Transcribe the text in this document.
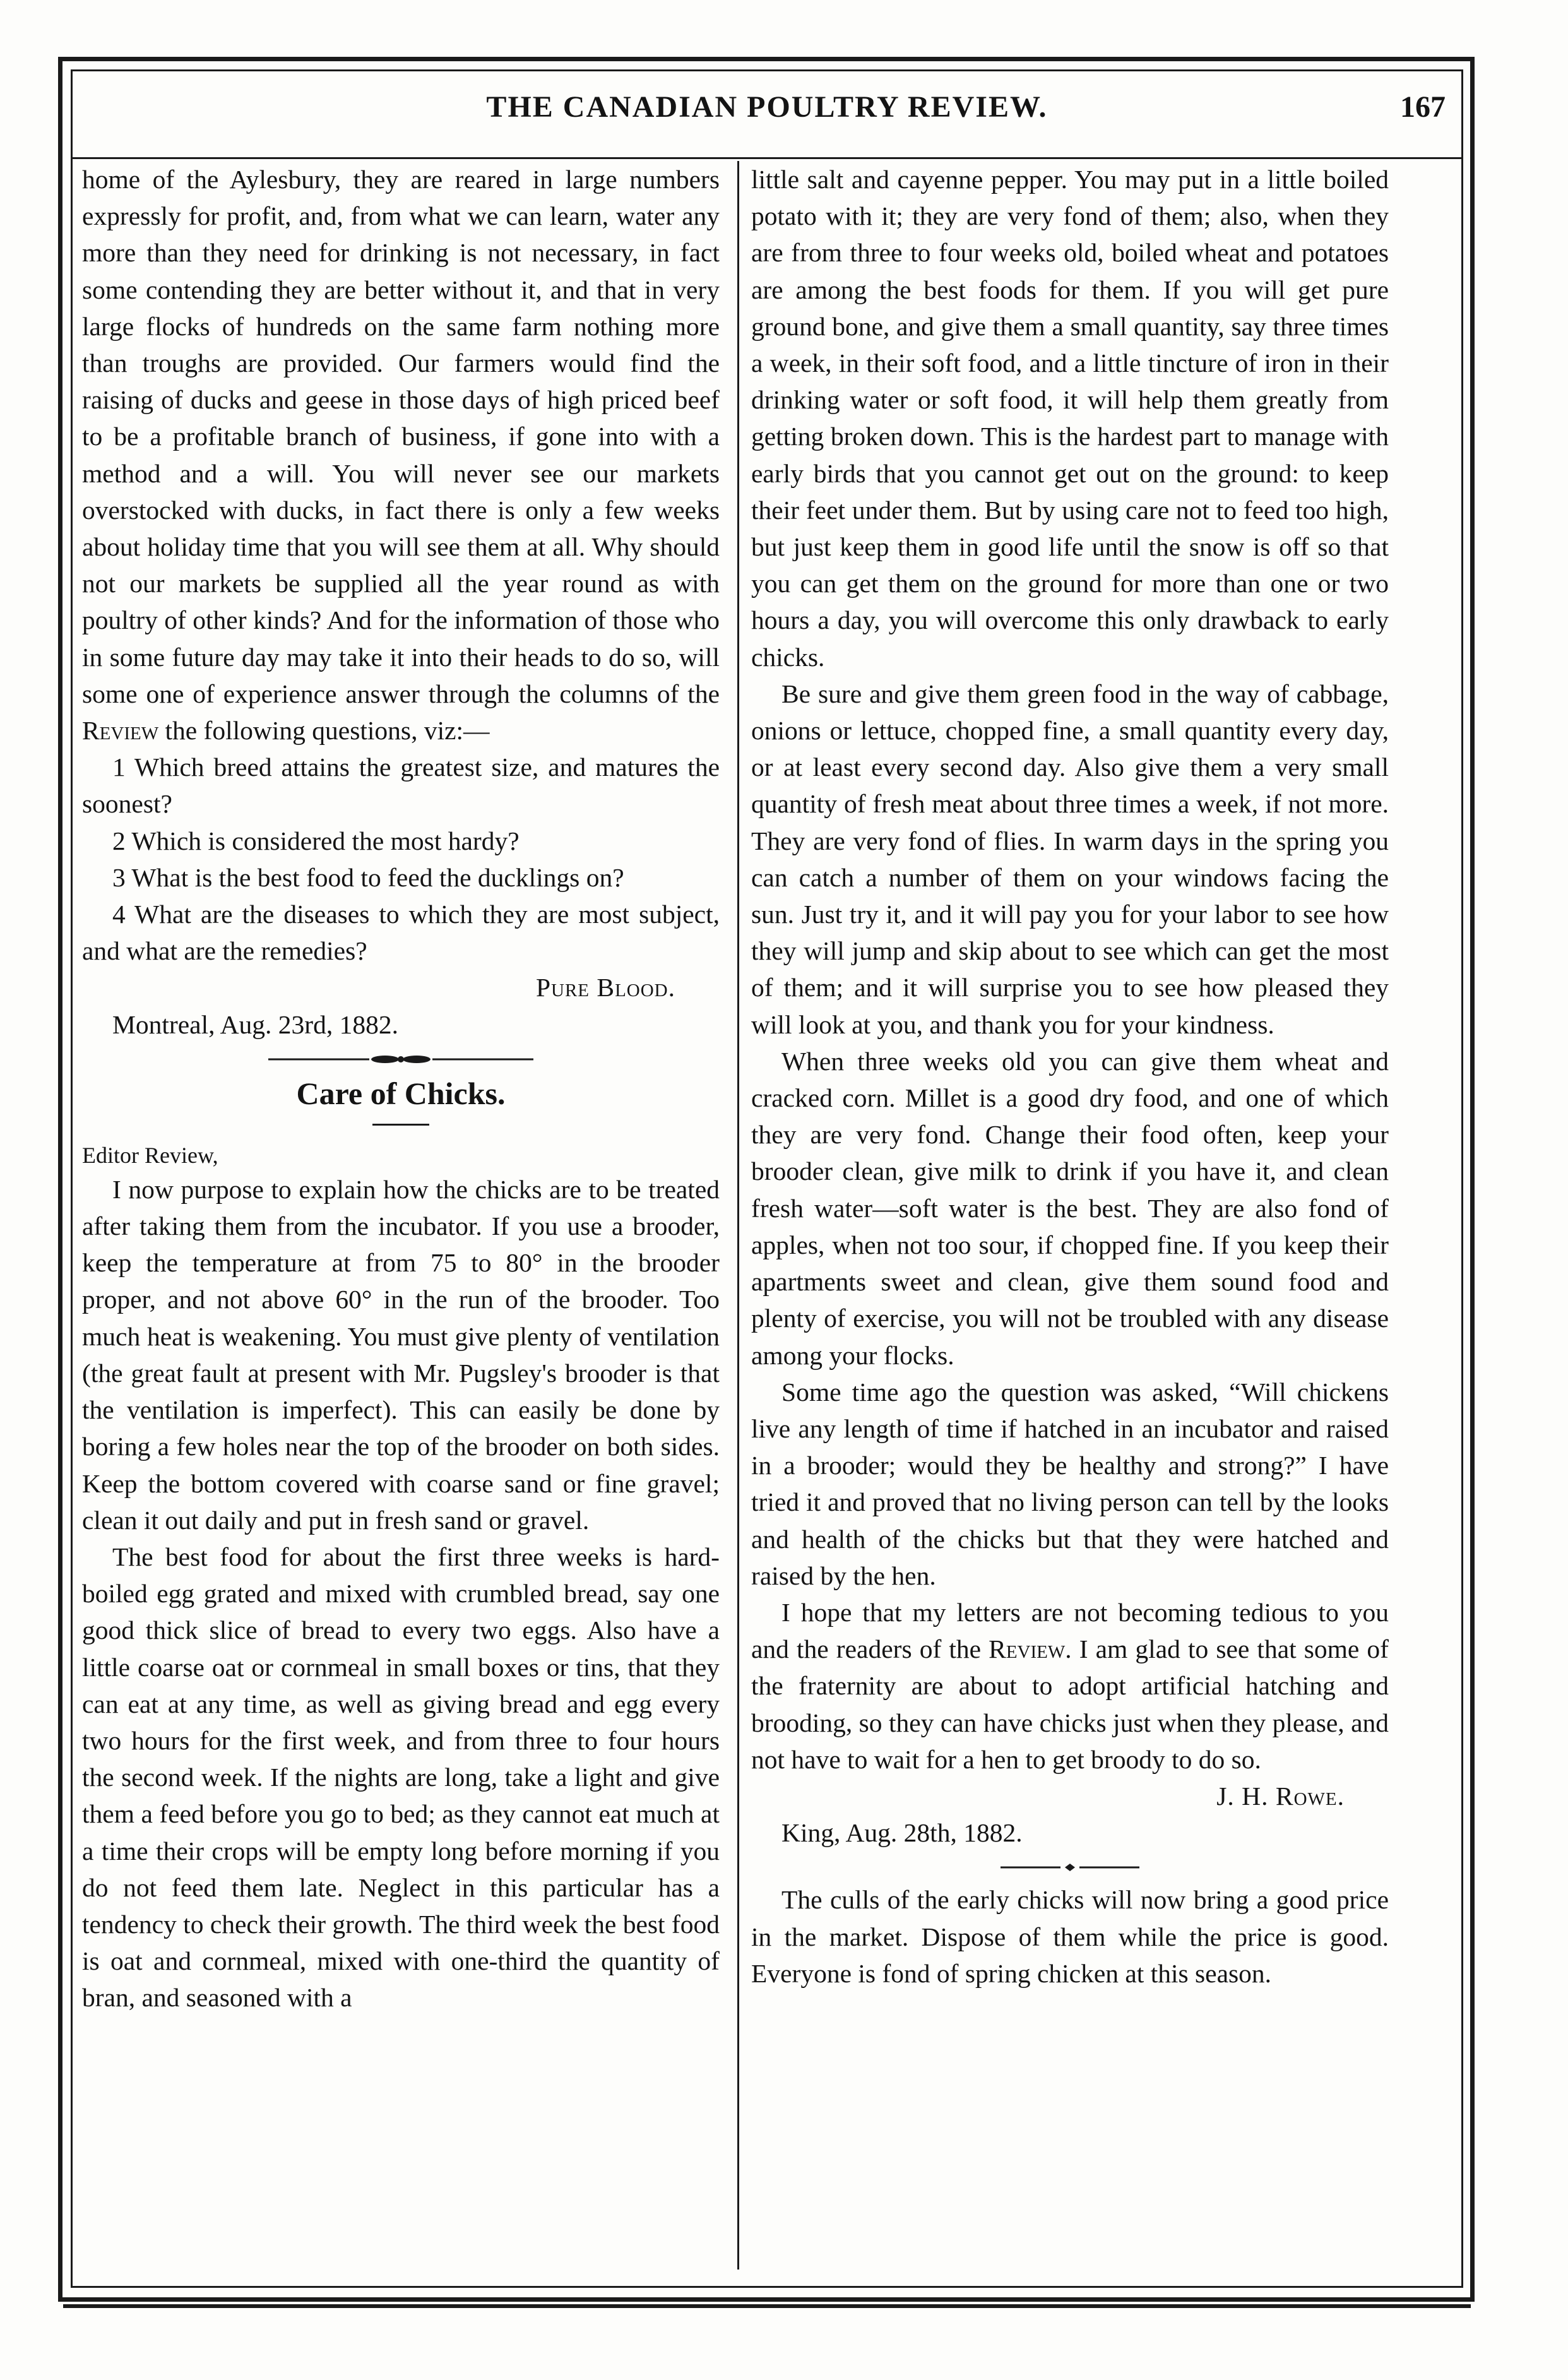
THE CANADIAN POULTRY REVIEW.	167

home of the Aylesbury, they are reared in large numbers expressly for profit, and, from what we can learn, water any more than they need for drinking is not necessary, in fact some contending they are better without it, and that in very large flocks of hundreds on the same farm nothing more than troughs are provided. Our farmers would find the raising of ducks and geese in those days of high priced beef to be a profitable branch of business, if gone into with a method and a will. You will never see our markets overstocked with ducks, in fact there is only a few weeks about holiday time that you will see them at all. Why should not our markets be supplied all the year round as with poultry of other kinds? And for the information of those who in some future day may take it into their heads to do so, will some one of experience answer through the columns of the Review the following questions, viz:—

1 Which breed attains the greatest size, and matures the soonest?

2 Which is considered the most hardy?

3 What is the best food to feed the ducklings on?

4 What are the diseases to which they are most subject, and what are the remedies?

Pure Blood.

Montreal, Aug. 23rd, 1882.

Care of Chicks.

Editor Review,

I now purpose to explain how the chicks are to be treated after taking them from the incubator. If you use a brooder, keep the temperature at from 75 to 80° in the brooder proper, and not above 60° in the run of the brooder. Too much heat is weakening. You must give plenty of ventilation (the great fault at present with Mr. Pugsley's brooder is that the ventilation is imperfect). This can easily be done by boring a few holes near the top of the brooder on both sides. Keep the bottom covered with coarse sand or fine gravel; clean it out daily and put in fresh sand or gravel.

The best food for about the first three weeks is hard-boiled egg grated and mixed with crumbled bread, say one good thick slice of bread to every two eggs. Also have a little coarse oat or cornmeal in small boxes or tins, that they can eat at any time, as well as giving bread and egg every two hours for the first week, and from three to four hours the second week. If the nights are long, take a light and give them a feed before you go to bed; as they cannot eat much at a time their crops will be empty long before morning if you do not feed them late. Neglect in this particular has a tendency to check their growth. The third week the best food is oat and cornmeal, mixed with one-third the quantity of bran, and seasoned with a

little salt and cayenne pepper. You may put in a little boiled potato with it; they are very fond of them; also, when they are from three to four weeks old, boiled wheat and potatoes are among the best foods for them. If you will get pure ground bone, and give them a small quantity, say three times a week, in their soft food, and a little tincture of iron in their drinking water or soft food, it will help them greatly from getting broken down. This is the hardest part to manage with early birds that you cannot get out on the ground: to keep their feet under them. But by using care not to feed too high, but just keep them in good life until the snow is off so that you can get them on the ground for more than one or two hours a day, you will overcome this only drawback to early chicks.

Be sure and give them green food in the way of cabbage, onions or lettuce, chopped fine, a small quantity every day, or at least every second day. Also give them a very small quantity of fresh meat about three times a week, if not more. They are very fond of flies. In warm days in the spring you can catch a number of them on your windows facing the sun. Just try it, and it will pay you for your labor to see how they will jump and skip about to see which can get the most of them; and it will surprise you to see how pleased they will look at you, and thank you for your kindness.

When three weeks old you can give them wheat and cracked corn. Millet is a good dry food, and one of which they are very fond. Change their food often, keep your brooder clean, give milk to drink if you have it, and clean fresh water—soft water is the best. They are also fond of apples, when not too sour, if chopped fine. If you keep their apartments sweet and clean, give them sound food and plenty of exercise, you will not be troubled with any disease among your flocks.

Some time ago the question was asked, “Will chickens live any length of time if hatched in an incubator and raised in a brooder; would they be healthy and strong?” I have tried it and proved that no living person can tell by the looks and health of the chicks but that they were hatched and raised by the hen.

I hope that my letters are not becoming tedious to you and the readers of the Review. I am glad to see that some of the fraternity are about to adopt artificial hatching and brooding, so they can have chicks just when they please, and not have to wait for a hen to get broody to do so.

J. H. Rowe.

King, Aug. 28th, 1882.

The culls of the early chicks will now bring a good price in the market. Dispose of them while the price is good. Everyone is fond of spring chicken at this season.
